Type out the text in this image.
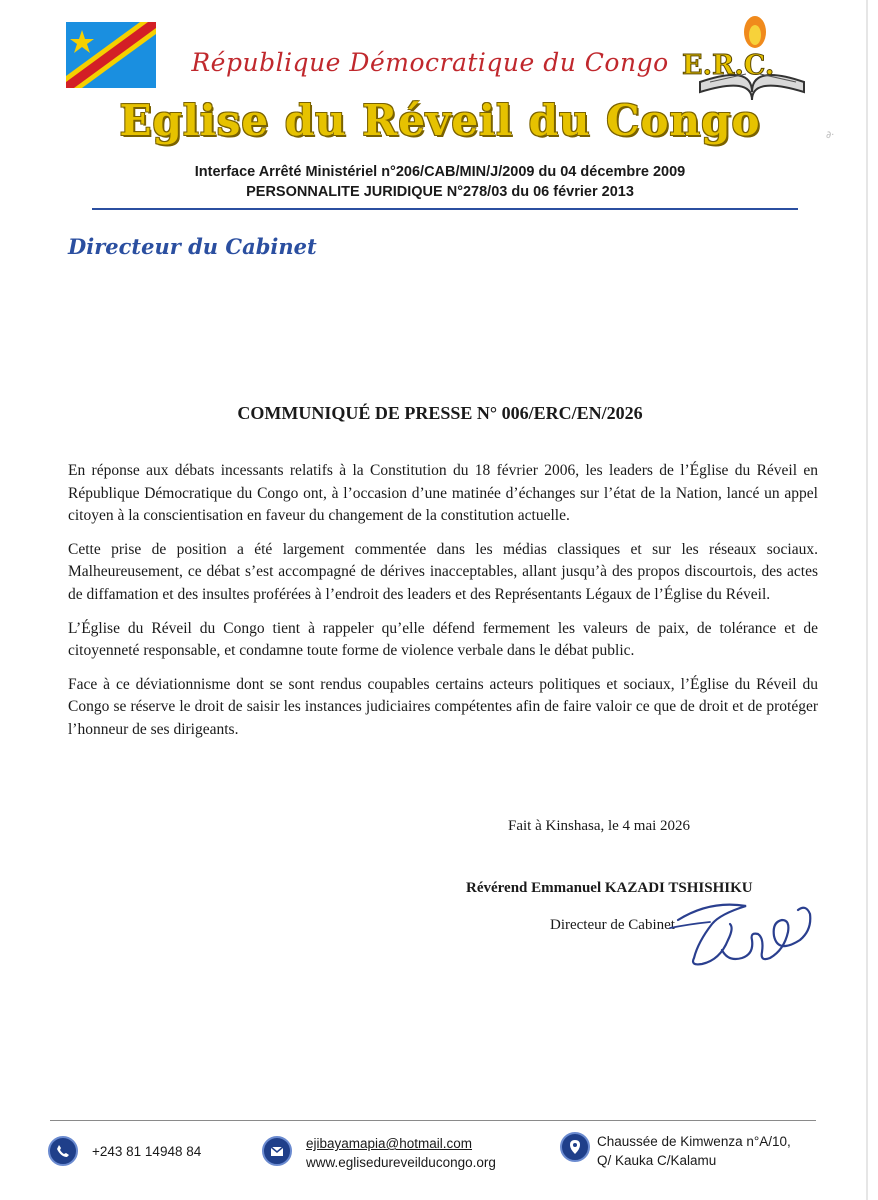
République Démocratique du Congo E.R.C.
Eglise du Réveil du Congo
Interface Arrêté Ministériel n°206/CAB/MIN/J/2009 du 04 décembre 2009
PERSONNALITE JURIDIQUE N°278/03 du 06 février 2013
∂·
Directeur du Cabinet
COMMUNIQUÉ DE PRESSE N° 006/ERC/EN/2026

En réponse aux débats incessants relatifs à la Constitution du 18 février 2006, les leaders de l’Église du Réveil en République Démocratique du Congo ont, à l’occasion d’une matinée d’échanges sur l’état de la Nation, lancé un appel citoyen à la conscientisation en faveur du changement de la constitution actuelle.

Cette prise de position a été largement commentée dans les médias classiques et sur les réseaux sociaux. Malheureusement, ce débat s’est accompagné de dérives inacceptables, allant jusqu’à des propos discourtois, des actes de diffamation et des insultes proférées à l’endroit des leaders et des Représentants Légaux de l’Église du Réveil.

L’Église du Réveil du Congo tient à rappeler qu’elle défend fermement les valeurs de paix, de tolérance et de citoyenneté responsable, et condamne toute forme de violence verbale dans le débat public.

Face à ce déviationnisme dont se sont rendus coupables certains acteurs politiques et sociaux, l’Église du Réveil du Congo se réserve le droit de saisir les instances judiciaires compétentes afin de faire valoir ce que de droit et de protéger l’honneur de ses dirigeants.

Fait à Kinshasa, le 4 mai 2026
Révérend Emmanuel KAZADI TSHISHIKU
Directeur de Cabinet
+243 81 14948 84
ejibayamapia@hotmail.com
www.eglisedureveilducongo.org
Chaussée de Kimwenza n°A/10,
Q/ Kauka C/Kalamu
